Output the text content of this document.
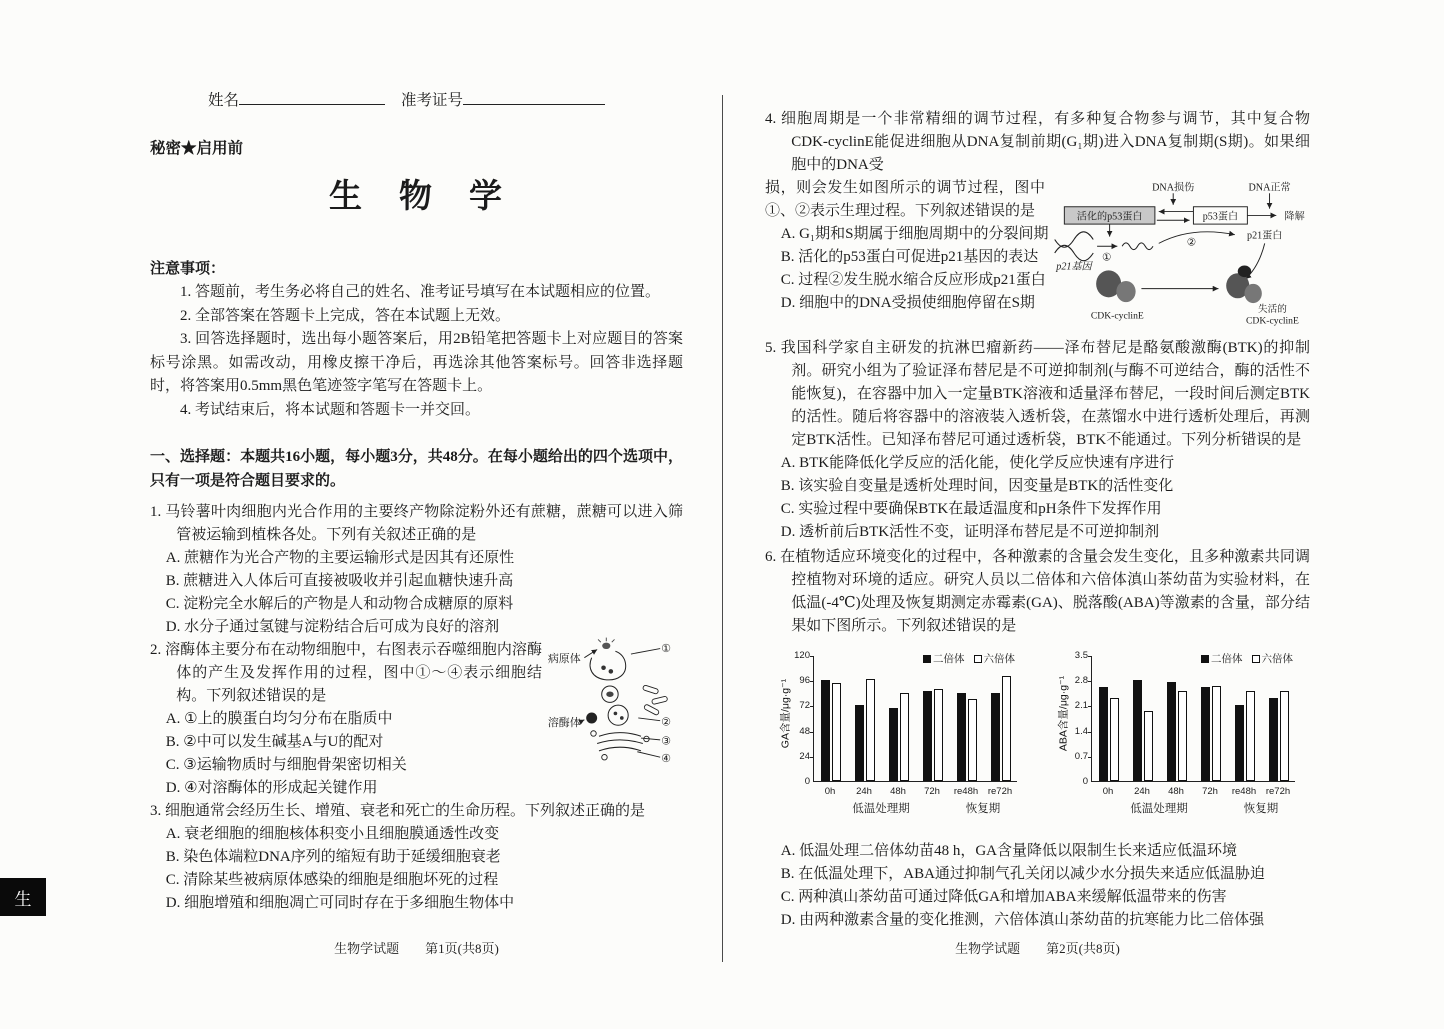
生
姓名	准考证号
秘密★启用前
生　物　学
注意事项：

1. 答题前，考生务必将自己的姓名、准考证号填写在本试题相应的位置。

2. 全部答案在答题卡上完成，答在本试题上无效。

3. 回答选择题时，选出每小题答案后，用2B铅笔把答题卡上对应题目的答案标号涂黑。如需改动，用橡皮擦干净后，再选涂其他答案标号。回答非选择题时，将答案用0.5mm黑色笔迹签字笔写在答题卡上。

4. 考试结束后，将本试题和答题卡一并交回。

一、选择题：本题共16小题，每小题3分，共48分。在每小题给出的四个选项中，只有一项是符合题目要求的。

1. 马铃薯叶肉细胞内光合作用的主要终产物除淀粉外还有蔗糖，蔗糖可以进入筛管被运输到植株各处。下列有关叙述正确的是

A. 蔗糖作为光合产物的主要运输形式是因其有还原性

B. 蔗糖进入人体后可直接被吸收并引起血糖快速升高

C. 淀粉完全水解后的产物是人和动物合成糖原的原料

D. 水分子通过氢键与淀粉结合后可成为良好的溶剂

2. 溶酶体主要分布在动物细胞中，右图表示吞噬细胞内溶酶体的产生及发挥作用的过程，图中①～④表示细胞结构。下列叙述错误的是

A. ①上的膜蛋白均匀分布在脂质中

B. ②中可以发生碱基A与U的配对

C. ③运输物质时与细胞骨架密切相关

D. ④对溶酶体的形成起关键作用

病原体
①
溶酶体	②
③
④

3. 细胞通常会经历生长、增殖、衰老和死亡的生命历程。下列叙述正确的是

A. 衰老细胞的细胞核体积变小且细胞膜通透性改变

B. 染色体端粒DNA序列的缩短有助于延缓细胞衰老

C. 清除某些被病原体感染的细胞是细胞坏死的过程

D. 细胞增殖和细胞凋亡可同时存在于多细胞生物体中

4. 细胞周期是一个非常精细的调节过程，有多种复合物参与调节，其中复合物CDK-cyclinE能促进细胞从DNA复制前期(G₁期)进入DNA复制期(S期)。如果细胞中的DNA受

损，则会发生如图所示的调节过程，图中①、②表示生理过程。下列叙述错误的是

A. G₁期和S期属于细胞周期中的分裂间期

B. 活化的p53蛋白可促进p21基因的表达

C. 过程②发生脱水缩合反应形成p21蛋白

D. 细胞中的DNA受损使细胞停留在S期

DNA损伤	DNA正常
活化的p53蛋白	p53蛋白	降解
p21基因
①
②
p21蛋白
CDK-cyclinE
失活的
CDK-cyclinE

5. 我国科学家自主研发的抗淋巴瘤新药——泽布替尼是酪氨酸激酶(BTK)的抑制剂。研究小组为了验证泽布替尼是不可逆抑制剂(与酶不可逆结合，酶的活性不能恢复)，在容器中加入一定量BTK溶液和适量泽布替尼，一段时间后测定BTK的活性。随后将容器中的溶液装入透析袋，在蒸馏水中进行透析处理后，再测定BTK活性。已知泽布替尼可通过透析袋，BTK不能通过。下列分析错误的是

A. BTK能降低化学反应的活化能，使化学反应快速有序进行

B. 该实验自变量是透析处理时间，因变量是BTK的活性变化

C. 实验过程中要确保BTK在最适温度和pH条件下发挥作用

D. 透析前后BTK活性不变，证明泽布替尼是不可逆抑制剂

6. 在植物适应环境变化的过程中，各种激素的含量会发生变化，且多种激素共同调控植物对环境的适应。研究人员以二倍体和六倍体滇山茶幼苗为实验材料，在低温(-4℃)处理及恢复期测定赤霉素(GA)、脱落酸(ABA)等激素的含量，部分结果如下图所示。下列叙述错误的是

GA含量/μg·g⁻¹
二倍体 六倍体
0
24
48
72
96
120
0h	24h	48h	72h	re48h	re72h
低温处理期	恢复期
ABA含量/μg·g⁻¹
二倍体 六倍体
0
0.7
1.4
2.1
2.8
3.5
0h	24h	48h	72h	re48h	re72h
低温处理期	恢复期

A. 低温处理二倍体幼苗48 h，GA含量降低以限制生长来适应低温环境

B. 在低温处理下，ABA通过抑制气孔关闭以减少水分损失来适应低温胁迫

C. 两种滇山茶幼苗可通过降低GA和增加ABA来缓解低温带来的伤害

D. 由两种激素含量的变化推测，六倍体滇山茶幼苗的抗寒能力比二倍体强

生物学试题　　第1页(共8页)	生物学试题　　第2页(共8页)
